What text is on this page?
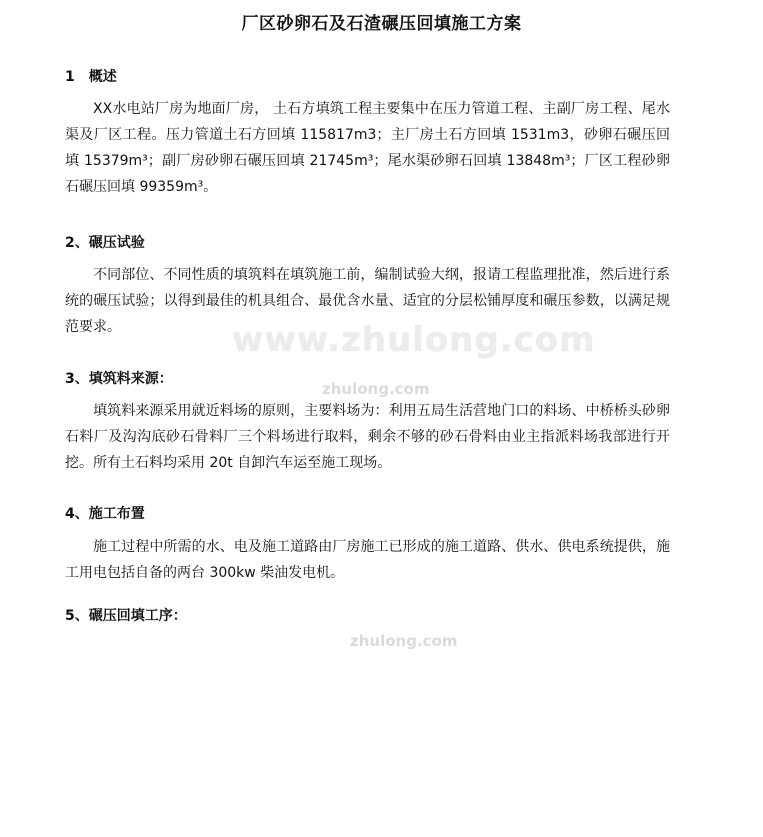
厂区砂卵石及石渣碾压回填施工方案
1　概述
XX水电站厂房为地面厂房， 土石方填筑工程主要集中在压力管道工程、主副厂房工程、尾水渠及厂区工程。压力管道土石方回填 115817m3；主厂房土石方回填 1531m3，砂卵石碾压回填 15379m³；副厂房砂卵石碾压回填 21745m³；尾水渠砂卵石回填 13848m³；厂区工程砂卵石碾压回填 99359m³。
2、碾压试验
不同部位、不同性质的填筑料在填筑施工前，编制试验大纲，报请工程监理批准，然后进行系统的碾压试验；以得到最佳的机具组合、最优含水量、适宜的分层松铺厚度和碾压参数，以满足规范要求。
3、填筑料来源：
填筑料来源采用就近料场的原则，主要料场为：利用五局生活营地门口的料场、中桥桥头砂卵石料厂及沟沟底砂石骨料厂三个料场进行取料，剩余不够的砂石骨料由业主指派料场我部进行开挖。所有土石料均采用 20t 自卸汽车运至施工现场。
4、施工布置
施工过程中所需的水、电及施工道路由厂房施工已形成的施工道路、供水、供电系统提供，施工用电包括自备的两台 300kw 柴油发电机。
5、碾压回填工序：
www.zhulong.com
zhulong.com
zhulong.com
